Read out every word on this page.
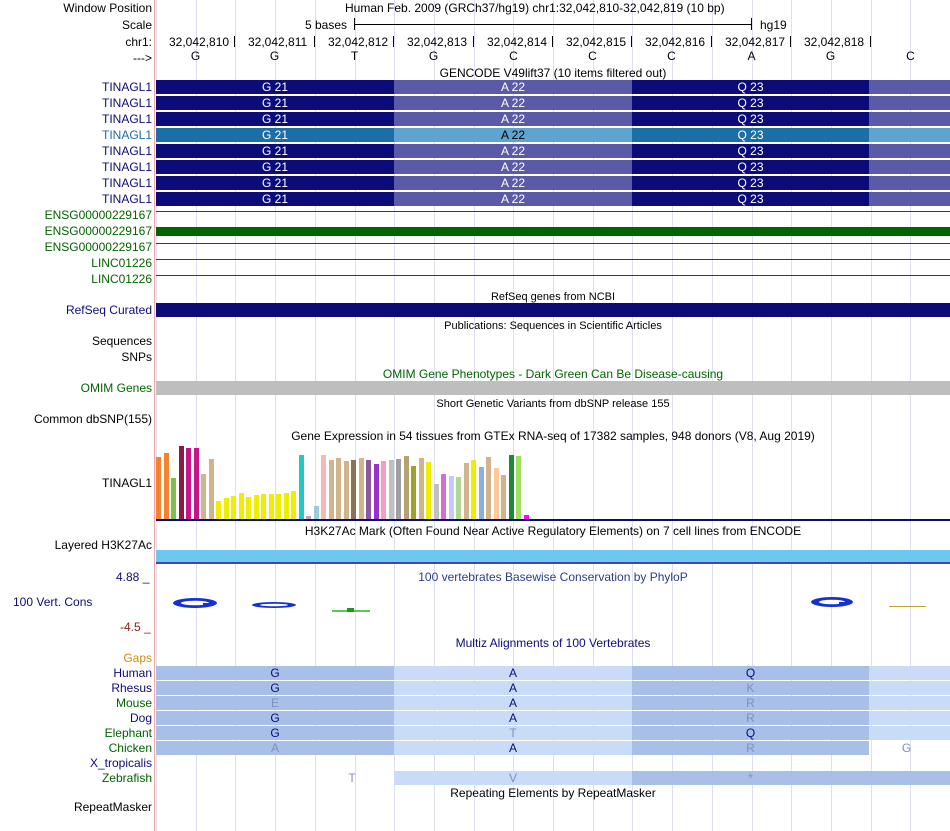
Window Position	Human Feb. 2009 (GRCh37/hg19) chr1:32,042,810-32,042,819 (10 bp)
Scale	5 bases	hg19
chr1:
--->
32,042,810 32,042,811 32,042,812 32,042,813 32,042,814 32,042,815 32,042,816 32,042,817 32,042,818
G	G	T	G	C	C	C	A	G	C
GENCODE V49lift37 (10 items filtered out)
TINAGL1	G 21	A 22	Q 23
TINAGL1	G 21	A 22	Q 23
TINAGL1	G 21	A 22	Q 23
TINAGL1	G 21	A 22	Q 23
TINAGL1	G 21	A 22	Q 23
TINAGL1	G 21	A 22	Q 23
TINAGL1	G 21	A 22	Q 23
TINAGL1	G 21	A 22	Q 23
ENSG00000229167
ENSG00000229167
ENSG00000229167
LINC01226
LINC01226
RefSeq genes from NCBI
RefSeq Curated
Publications: Sequences in Scientific Articles
Sequences
SNPs
OMIM Gene Phenotypes - Dark Green Can Be Disease-causing
OMIM Genes
Short Genetic Variants from dbSNP release 155
Common dbSNP(155)
Gene Expression in 54 tissues from GTEx RNA-seq of 17382 samples, 948 donors (V8, Aug 2019)
TINAGL1
H3K27Ac Mark (Often Found Near Active Regulatory Elements) on 7 cell lines from ENCODE
Layered H3K27Ac
4.88 _	100 vertebrates Basewise Conservation by PhyloP
100 Vert. Cons
-4.5 _
Multiz Alignments of 100 Vertebrates
Gaps
Human	G	A	Q
Rhesus	G	A	K
Mouse	E	A	R
Dog	G	A	R
Elephant	G	T	Q
Chicken	A	A	R	G
X_tropicalis
Zebrafish	T	V	*
Repeating Elements by RepeatMasker
RepeatMasker
